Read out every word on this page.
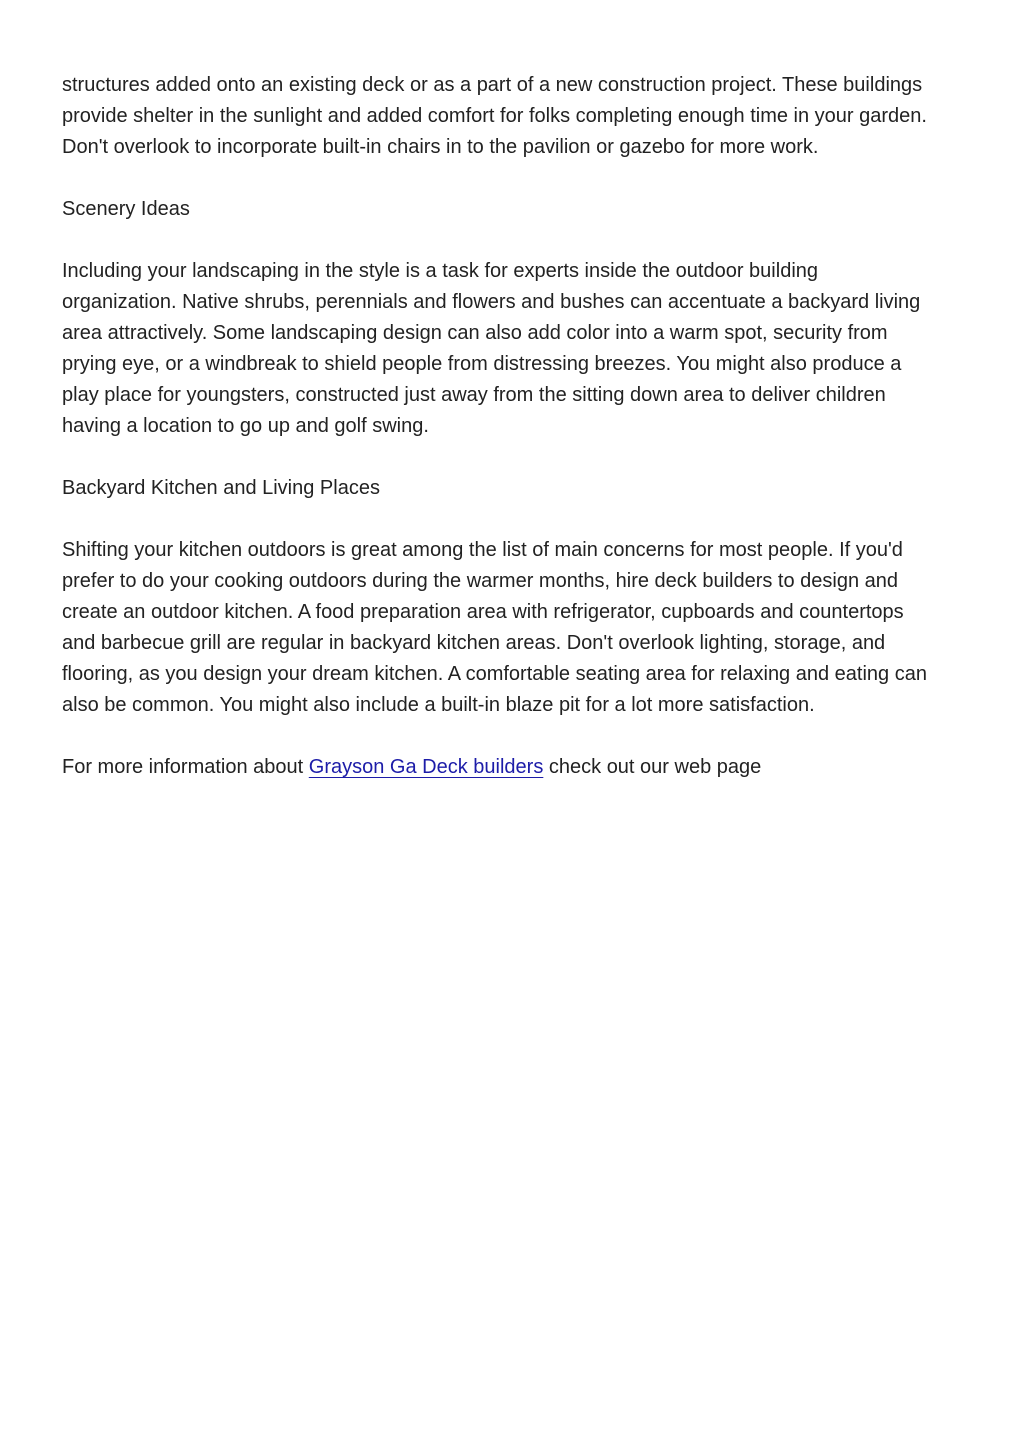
structures added onto an existing deck or as a part of a new construction project. These buildings
provide shelter in the sunlight and added comfort for folks completing enough time in your garden.
Don't overlook to incorporate built-in chairs in to the pavilion or gazebo for more work.

Scenery Ideas

Including your landscaping in the style is a task for experts inside the outdoor building
organization. Native shrubs, perennials and flowers and bushes can accentuate a backyard living
area attractively. Some landscaping design can also add color into a warm spot, security from
prying eye, or a windbreak to shield people from distressing breezes. You might also produce a
play place for youngsters, constructed just away from the sitting down area to deliver children
having a location to go up and golf swing.

Backyard Kitchen and Living Places

Shifting your kitchen outdoors is great among the list of main concerns for most people. If you'd
prefer to do your cooking outdoors during the warmer months, hire deck builders to design and
create an outdoor kitchen. A food preparation area with refrigerator, cupboards and countertops
and barbecue grill are regular in backyard kitchen areas. Don't overlook lighting, storage, and
flooring, as you design your dream kitchen. A comfortable seating area for relaxing and eating can
also be common. You might also include a built-in blaze pit for a lot more satisfaction.

For more information about Grayson Ga Deck builders check out our web page
